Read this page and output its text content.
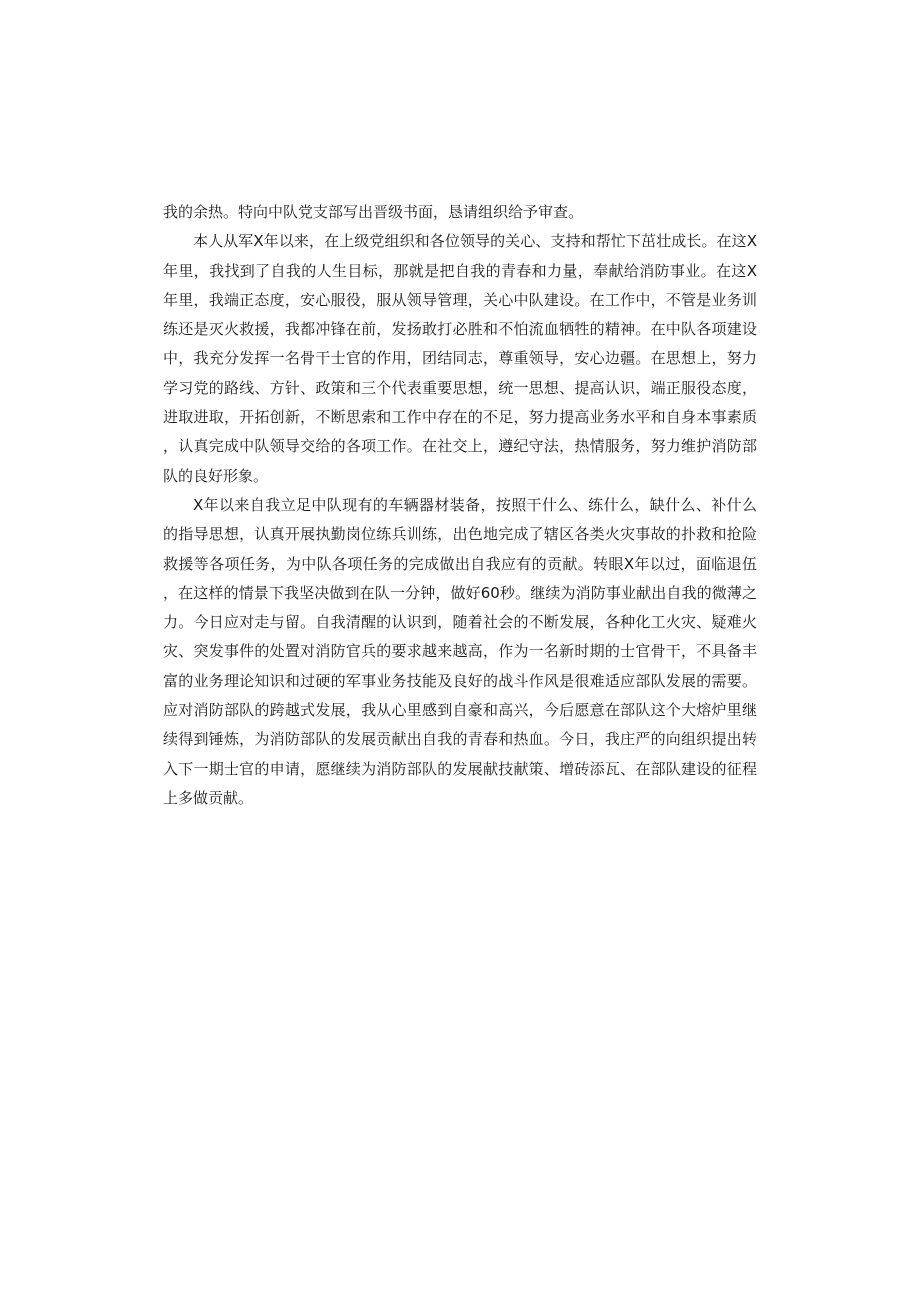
我的余热。特向中队党支部写出晋级书面，恳请组织给予审查。

本人从军X年以来，在上级党组织和各位领导的关心、支持和帮忙下茁壮成长。在这X年里，我找到了自我的人生目标，那就是把自我的青春和力量，奉献给消防事业。在这X年里，我端正态度，安心服役，服从领导管理，关心中队建设。在工作中，不管是业务训练还是灭火救援，我都冲锋在前，发扬敢打必胜和不怕流血牺牲的精神。在中队各项建设中，我充分发挥一名骨干士官的作用，团结同志，尊重领导，安心边疆。在思想上，努力学习党的路线、方针、政策和三个代表重要思想，统一思想、提高认识，端正服役态度，进取进取，开拓创新，不断思索和工作中存在的不足，努力提高业务水平和自身本事素质，认真完成中队领导交给的各项工作。在社交上，遵纪守法，热情服务，努力维护消防部队的良好形象。

X年以来自我立足中队现有的车辆器材装备，按照干什么、练什么，缺什么、补什么的指导思想，认真开展执勤岗位练兵训练，出色地完成了辖区各类火灾事故的扑救和抢险救援等各项任务，为中队各项任务的完成做出自我应有的贡献。转眼X年以过，面临退伍，在这样的情景下我坚决做到在队一分钟，做好60秒。继续为消防事业献出自我的微薄之力。今日应对走与留。自我清醒的认识到，随着社会的不断发展，各种化工火灾、疑难火灾、突发事件的处置对消防官兵的要求越来越高，作为一名新时期的士官骨干，不具备丰富的业务理论知识和过硬的军事业务技能及良好的战斗作风是很难适应部队发展的需要。应对消防部队的跨越式发展，我从心里感到自豪和高兴，今后愿意在部队这个大熔炉里继续得到锤炼，为消防部队的发展贡献出自我的青春和热血。今日，我庄严的向组织提出转入下一期士官的申请，愿继续为消防部队的发展献技献策、增砖添瓦、在部队建设的征程上多做贡献。
